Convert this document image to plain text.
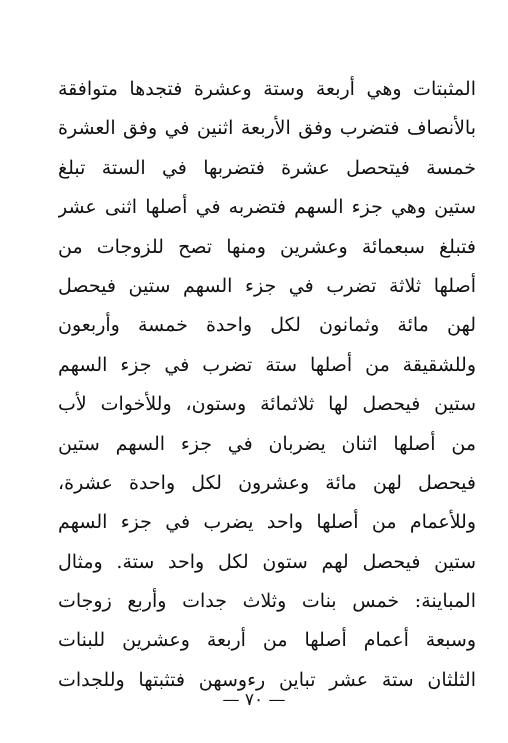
المثبتات وهي أربعة وستة وعشرة فتجدها متوافقة
بالأنصاف فتضرب وفق الأربعة اثنين في وفق العشرة
خمسة فيتحصل عشرة فتضربها في الستة تبلغ
ستين وهي جزء السهم فتضربه في أصلها اثنى عشر
فتبلغ سبعمائة وعشرين ومنها تصح للزوجات من
أصلها ثلاثة تضرب في جزء السهم ستين فيحصل
لهن مائة وثمانون لكل واحدة خمسة وأربعون
وللشقيقة من أصلها ستة تضرب في جزء السهم
ستين فيحصل لها ثلاثمائة وستون، وللأخوات لأب
من أصلها اثنان يضربان في جزء السهم ستين
فيحصل لهن مائة وعشرون لكل واحدة عشرة،
وللأعمام من أصلها واحد يضرب في جزء السهم
ستين فيحصل لهم ستون لكل واحد ستة. ومثال
المباينة: خمس بنات وثلاث جدات وأربع زوجات
وسبعة أعمام أصلها من أربعة وعشرين للبنات
الثلثان ستة عشر تباين رءوسهن فتثبتها وللجدات
— ٧٠ —
